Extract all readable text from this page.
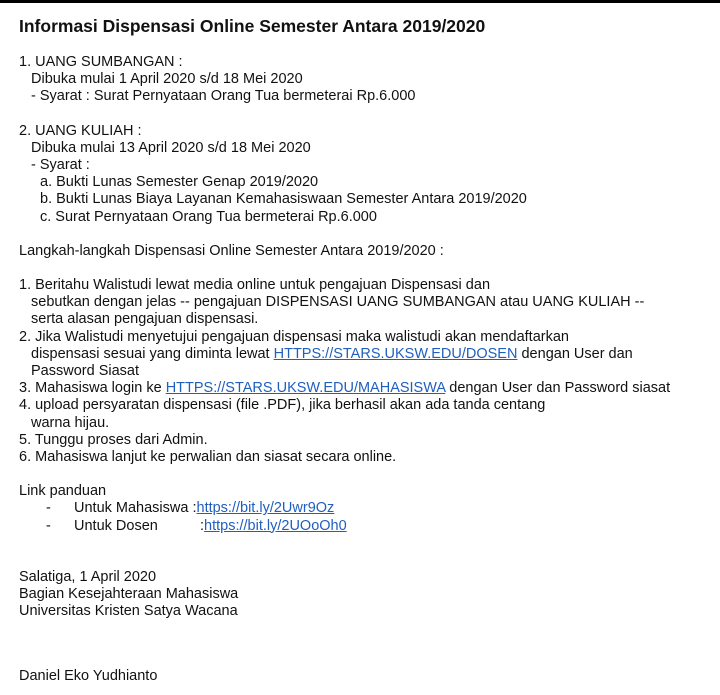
Informasi Dispensasi Online Semester Antara 2019/2020
1. UANG SUMBANGAN :
Dibuka mulai 1 April 2020 s/d 18 Mei 2020
- Syarat : Surat Pernyataan Orang Tua bermeterai Rp.6.000
2. UANG KULIAH :
Dibuka mulai 13 April 2020 s/d 18 Mei 2020
- Syarat :
a. Bukti Lunas Semester Genap 2019/2020
b. Bukti Lunas Biaya Layanan Kemahasiswaan Semester Antara 2019/2020
c. Surat Pernyataan Orang Tua bermeterai Rp.6.000
Langkah-langkah Dispensasi Online Semester Antara 2019/2020 :
1. Beritahu Walistudi lewat media online untuk pengajuan Dispensasi dan
sebutkan dengan jelas -- pengajuan DISPENSASI UANG SUMBANGAN atau UANG KULIAH --
serta alasan pengajuan dispensasi.
2. Jika Walistudi menyetujui pengajuan dispensasi maka walistudi akan mendaftarkan
dispensasi sesuai yang diminta lewat HTTPS://STARS.UKSW.EDU/DOSEN dengan User dan
Password Siasat
3. Mahasiswa login ke HTTPS://STARS.UKSW.EDU/MAHASISWA dengan User dan Password siasat
4. upload persyaratan dispensasi (file .PDF), jika berhasil akan ada tanda centang
warna hijau.
5. Tunggu proses dari Admin.
6. Mahasiswa lanjut ke perwalian dan siasat secara online.
Link panduan
-	Untuk Mahasiswa : https://bit.ly/2Uwr9Oz
-	Untuk Dosen	: https://bit.ly/2UOoOh0
Salatiga, 1 April 2020
Bagian Kesejahteraan Mahasiswa
Universitas Kristen Satya Wacana
Daniel Eko Yudhianto
